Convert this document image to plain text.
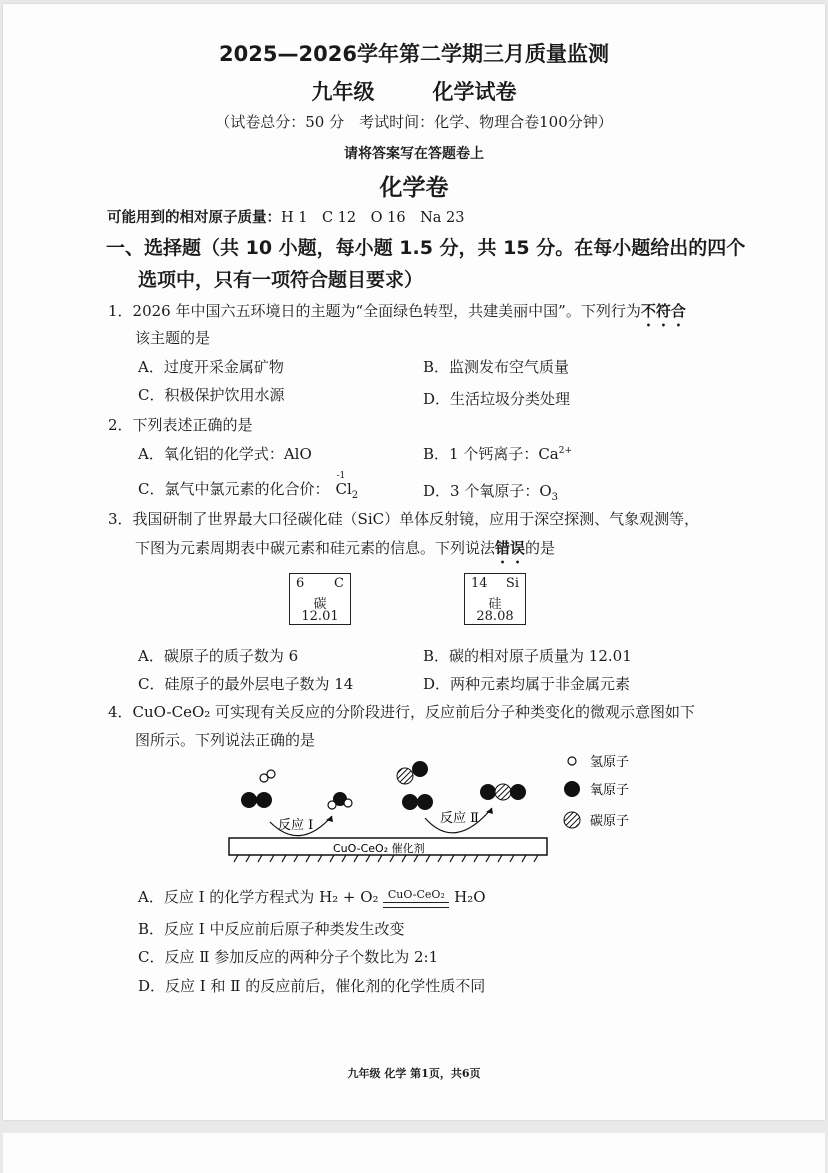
2025—2026学年第二学期三月质量监测
九年级	化学试卷
（试卷总分：50 分　考试时间：化学、物理合卷100分钟）
请将答案写在答题卷上
化学卷
可能用到的相对原子质量：H 1　C 12　O 16　Na 23
一、选择题（共 10 小题，每小题 1.5 分，共 15 分。在每小题给出的四个
选项中，只有一项符合题目要求）
1．2026 年中国六五环境日的主题为“全面绿色转型，共建美丽中国”。下列行为不符合
该主题的是
A．过度开采金属矿物	B．监测发布空气质量
C．积极保护饮用水源	D．生活垃圾分类处理
2．下列表述正确的是
A．氧化铝的化学式：AlO	B．1 个钙离子：$Ca^{2+}$
C．氯气中氯元素的化合价：
-1
$Cl_2$	D．3 个氧原子：$O_3$
3．我国研制了世界最大口径碳化硅（SiC）单体反射镜，应用于深空探测、气象观测等，
下图为元素周期表中碳元素和硅元素的信息。下列说法错误的是
6 C
碳
12.01
14 Si
硅
28.08
A．碳原子的质子数为 6	B．碳的相对原子质量为 12.01
C．硅原子的最外层电子数为 14	D．两种元素均属于非金属元素
4．CuO-CeO₂ 可实现有关反应的分阶段进行，反应前后分子种类变化的微观示意图如下
图所示。下列说法正确的是
反应 Ⅰ	反应 Ⅱ
CuO-CeO₂ 催化剂
氢原子
氧原子
碳原子
A．反应 Ⅰ 的化学方程式为 H₂ + O₂ CuO-CeO₂ H₂O
B．反应 Ⅰ 中反应前后原子种类发生改变
C．反应 Ⅱ 参加反应的两种分子个数比为 2:1
D．反应 Ⅰ 和 Ⅱ 的反应前后，催化剂的化学性质不同
九年级 化学 第1页，共6页
